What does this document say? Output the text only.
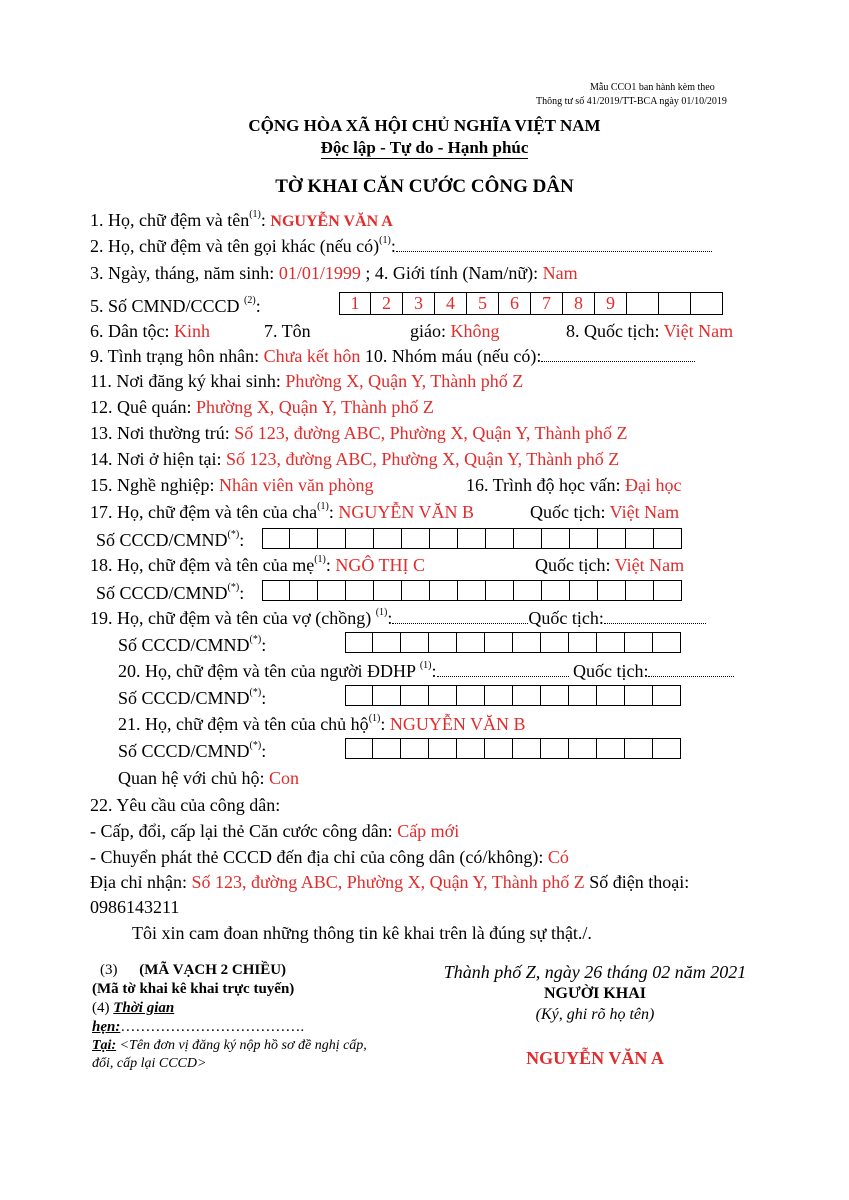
Mẫu CCO1 ban hành kèm theo
Thông tư số 41/2019/TT-BCA ngày 01/10/2019
CỘNG HÒA XÃ HỘI CHỦ NGHĨA VIỆT NAM
Độc lập - Tự do - Hạnh phúc
TỜ KHAI CĂN CƯỚC CÔNG DÂN
1. Họ, chữ đệm và tên$^{(1)}$: NGUYỄN VĂN A
2. Họ, chữ đệm và tên gọi khác (nếu có)$^{(1)}$:
3. Ngày, tháng, năm sinh: 01/01/1999 ; 4. Giới tính (Nam/nữ): Nam
5. Số CMND/CCCD $^{(2)}$:	1	2	3	4	5	6	7	8	9
6. Dân tộc: Kinh	7. Tôn	giáo: Không	8. Quốc tịch: Việt Nam
9. Tình trạng hôn nhân: Chưa kết hôn 10. Nhóm máu (nếu có):
11. Nơi đăng ký khai sinh: Phường X, Quận Y, Thành phố Z
12. Quê quán: Phường X, Quận Y, Thành phố Z
13. Nơi thường trú: Số 123, đường ABC, Phường X, Quận Y, Thành phố Z
14. Nơi ở hiện tại: Số 123, đường ABC, Phường X, Quận Y, Thành phố Z
15. Nghề nghiệp: Nhân viên văn phòng	16. Trình độ học vấn: Đại học
17. Họ, chữ đệm và tên của cha$^{(1)}$: NGUYỄN VĂN B	Quốc tịch: Việt Nam
Số CCCD/CMND(*):
18. Họ, chữ đệm và tên của mẹ$^{(1)}$: NGÔ THỊ C	Quốc tịch: Việt Nam
Số CCCD/CMND(*):
19. Họ, chữ đệm và tên của vợ (chồng) $^{(1)}$:	Quốc tịch:
Số CCCD/CMND(*):
20. Họ, chữ đệm và tên của người ĐDHP $^{(1)}$:	Quốc tịch:
Số CCCD/CMND(*):
21. Họ, chữ đệm và tên của chủ hộ$^{(1)}$: NGUYỄN VĂN B
Số CCCD/CMND(*):
Quan hệ với chủ hộ: Con
22. Yêu cầu của công dân:
- Cấp, đổi, cấp lại thẻ Căn cước công dân: Cấp mới
- Chuyển phát thẻ CCCD đến địa chỉ của công dân (có/không): Có
Địa chỉ nhận: Số 123, đường ABC, Phường X, Quận Y, Thành phố Z Số điện thoại:
0986143211
Tôi xin cam đoan những thông tin kê khai trên là đúng sự thật./.
(3) (MÃ VẠCH 2 CHIỀU)
(Mã tờ khai kê khai trực tuyến)
(4) Thời gian
hẹn:……………………………….
Tại: <Tên đơn vị đăng ký nộp hồ sơ đề nghị cấp,
đổi, cấp lại CCCD>
Thành phố Z, ngày 26 tháng 02 năm 2021
NGƯỜI KHAI
(Ký, ghi rõ họ tên)
NGUYỄN VĂN A
